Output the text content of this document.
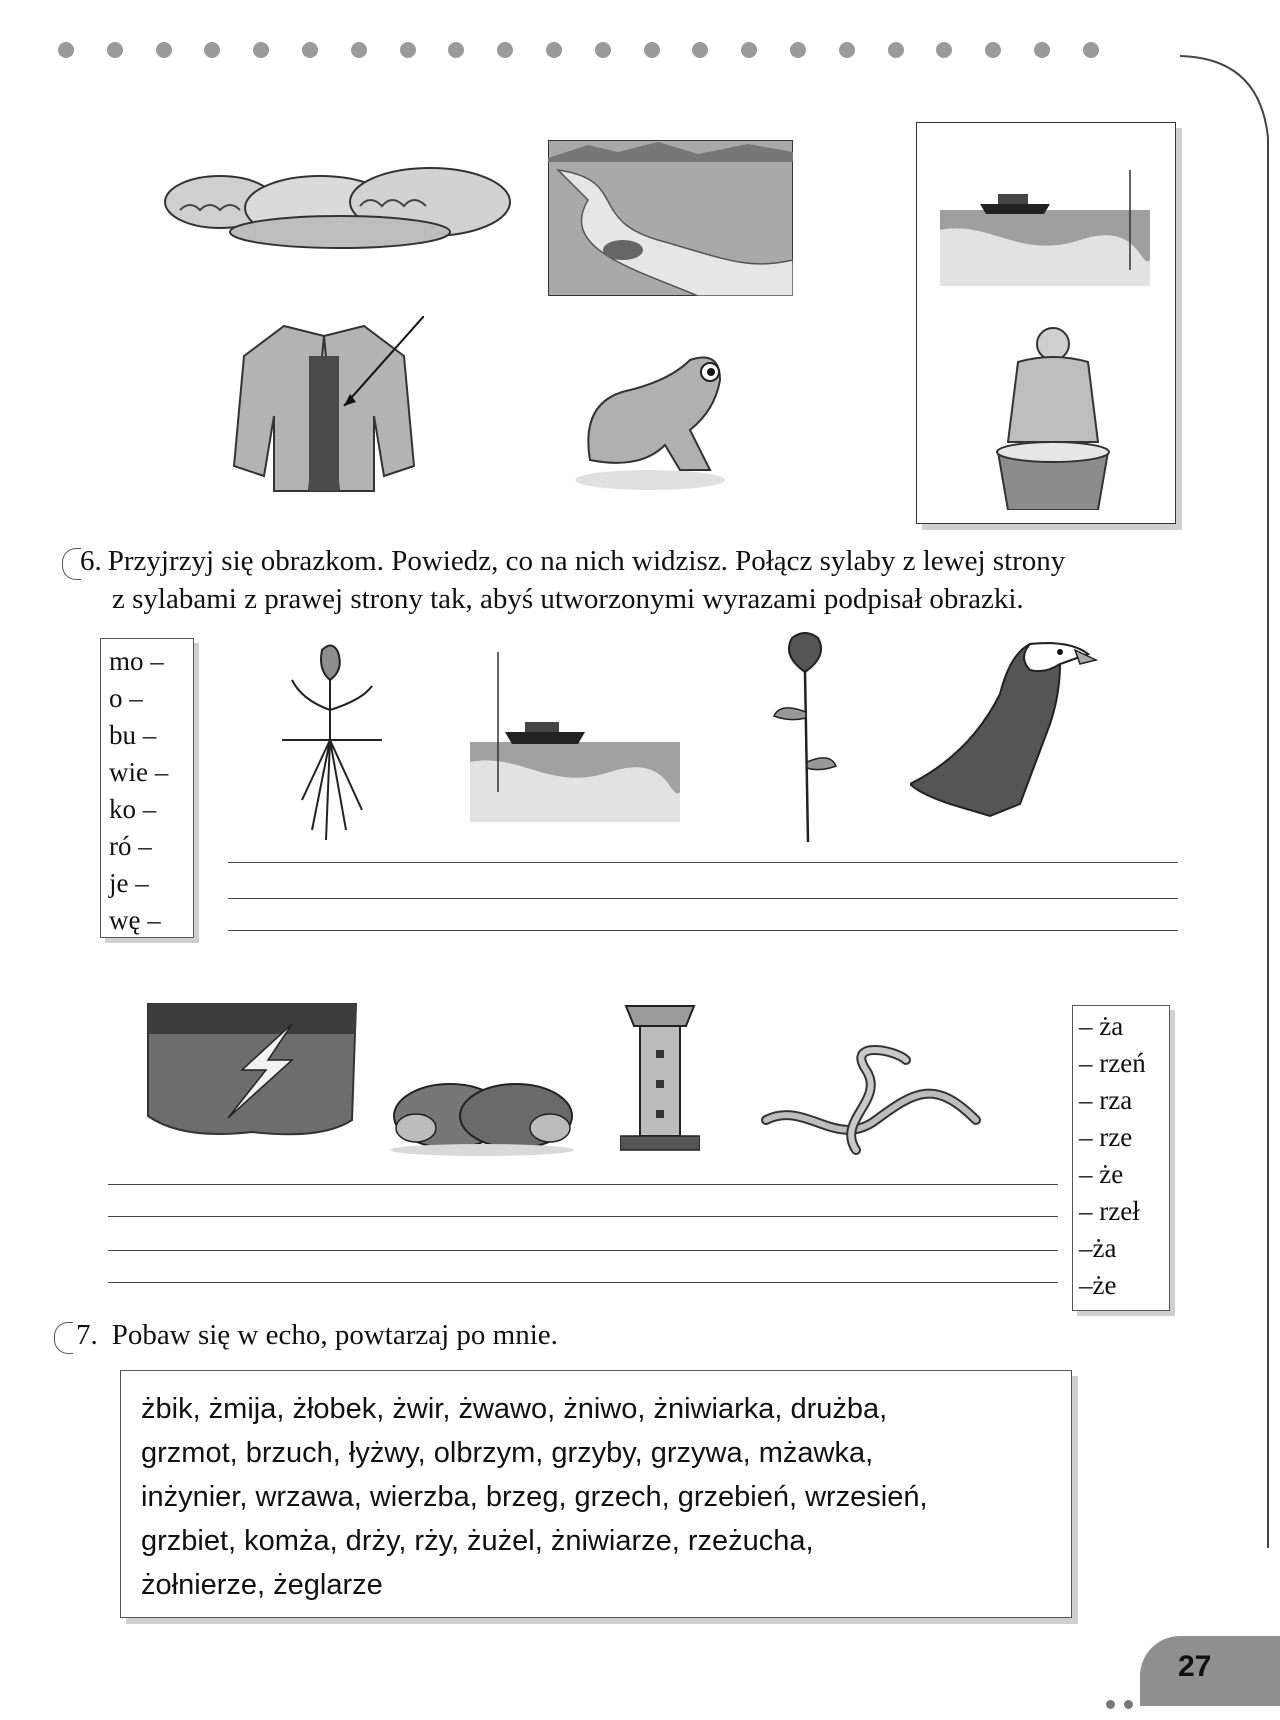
6. Przyjrzyj się obrazkom. Powiedz, co na nich widzisz. Połącz sylaby z lewej strony
z sylabami z prawej strony tak, abyś utworzonymi wyrazami podpisał obrazki.
mo –
o –
bu –
wie –
ko –
ró –
je –
wę –
– ża
– rzeń
– rza
– rze
– że
– rzeł
–ża
–że
7. Pobaw się w echo, powtarzaj po mnie.
żbik, żmija, żłobek, żwir, żwawo, żniwo, żniwiarka, drużba,
grzmot, brzuch, łyżwy, olbrzym, grzyby, grzywa, mżawka,
inżynier, wrzawa, wierzba, brzeg, grzech, grzebień, wrzesień,
grzbiet, komża, drży, rży, żużel, żniwiarze, rzeżucha,
żołnierze, żeglarze
27
